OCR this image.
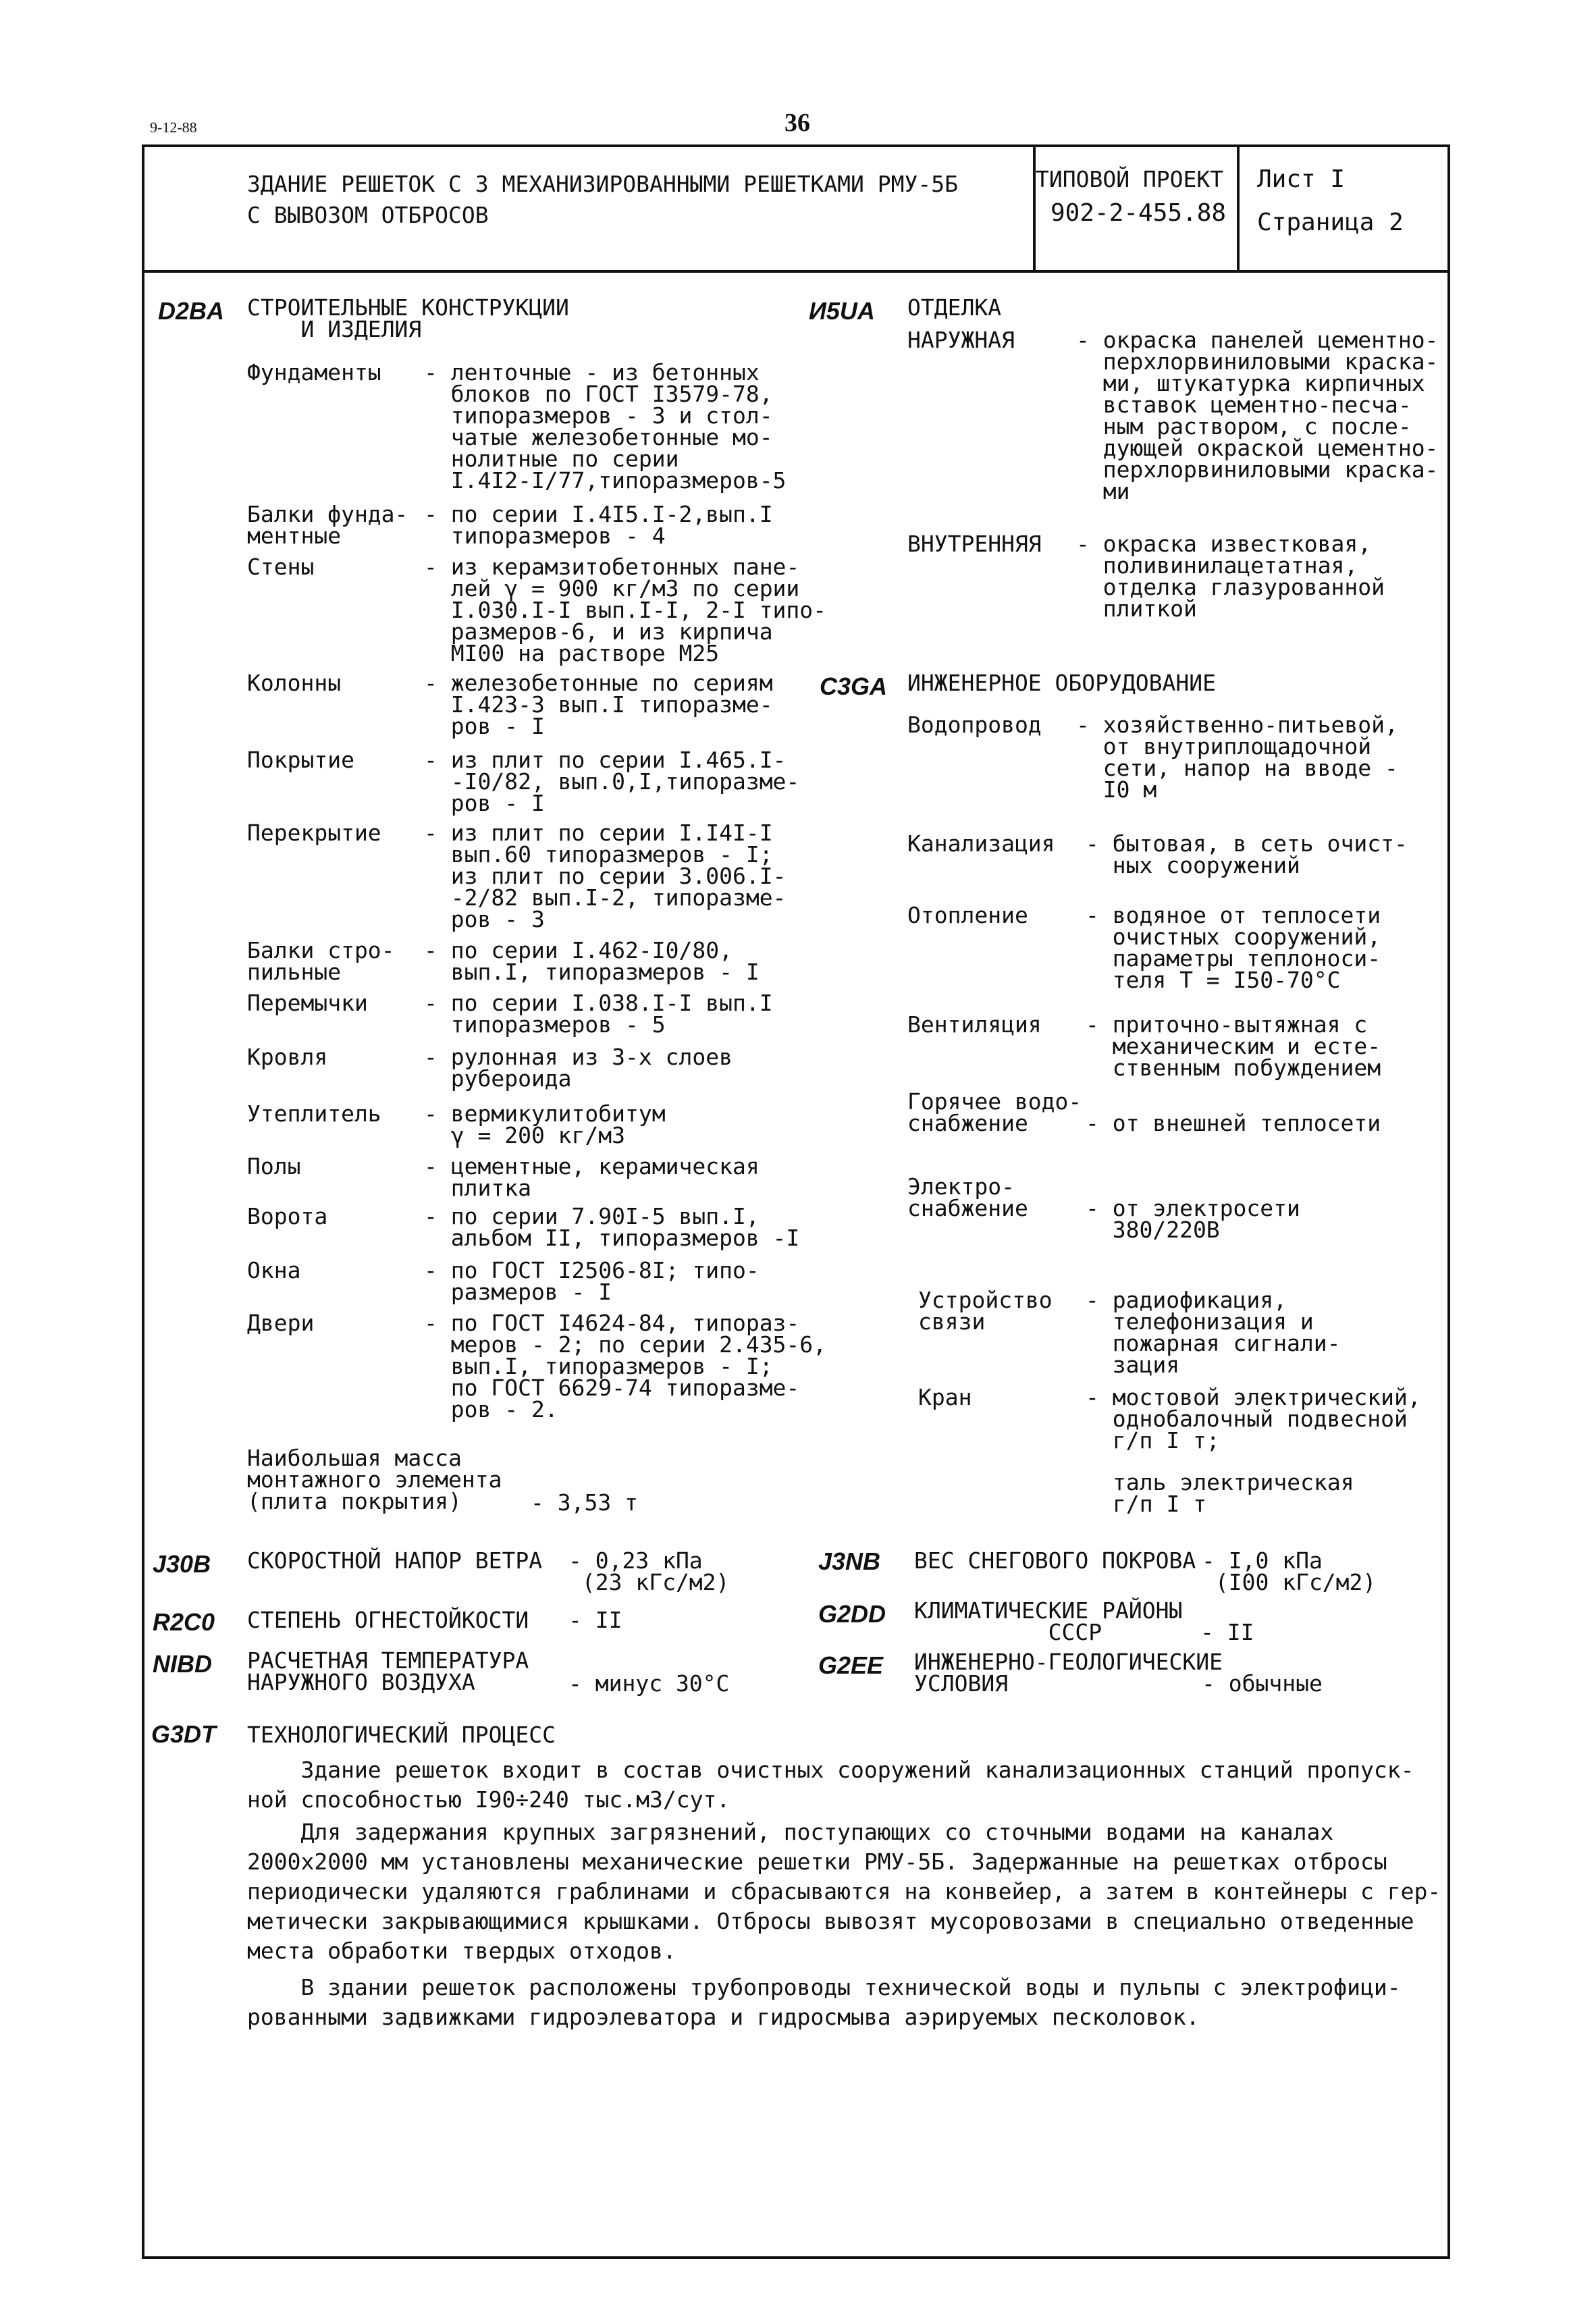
9-12-88	36
ЗДАНИЕ РЕШЕТОК С 3 МЕХАНИЗИРОВАННЫМИ РЕШЕТКАМИ РМУ-5Б
С ВЫВОЗОМ ОТБРОСОВ
ТИПОВОЙ ПРОЕКТ
902-2-455.88
Лист I
Страница 2
D2BA СТРОИТЕЛЬНЫЕ КОНСТРУКЦИИ
И ИЗДЕЛИЯ
Фундаменты - ленточные - из бетонных
блоков по ГОСТ I3579-78,
типоразмеров - 3 и стол-
чатые железобетонные мо-
нолитные по серии
I.4I2-I/77,типоразмеров-5
Балки фунда-
ментные
- по серии I.4I5.I-2,вып.I
типоразмеров - 4
Стены	- из керамзитобетонных пане-
лей γ = 900 кг/м3 по серии
I.030.I-I вып.I-I, 2-I типо-
размеров-6, и из кирпича
MI00 на растворе M25
Колонны	- железобетонные по сериям
I.423-3 вып.I типоразме-
ров - I
Покрытие	- из плит по серии I.465.I-
-I0/82, вып.0,I,типоразме-
ров - I
Перекрытие - из плит по серии I.I4I-I
вып.60 типоразмеров - I;
из плит по серии 3.006.I-
-2/82 вып.I-2, типоразме-
ров - 3
Балки стро-
пильные
- по серии I.462-I0/80,
вып.I, типоразмеров - I
Перемычки	- по серии I.038.I-I вып.I
типоразмеров - 5
Кровля	- рулонная из 3-х слоев
рубероида
Утеплитель - вермикулитобитум
γ = 200 кг/м3
Полы	- цементные, керамическая
плитка
Ворота	- по серии 7.90I-5 вып.I,
альбом II, типоразмеров -I
Окна	- по ГОСТ I2506-8I; типо-
размеров - I
Двери	- по ГОСТ I4624-84, типораз-
меров - 2; по серии 2.435-6,
вып.I, типоразмеров - I;
по ГОСТ 6629-74 типоразме-
ров - 2.
Наибольшая масса
монтажного элемента
(плита покрытия)	- 3,53 т
И5UA ОТДЕЛКА
НАРУЖНАЯ	- окраска панелей цементно-
перхлорвиниловыми краска-
ми, штукатурка кирпичных
вставок цементно-песча-
ным раствором, с после-
дующей окраской цементно-
перхлорвиниловыми краска-
ми
ВНУТРЕННЯЯ - окраска известковая,
поливинилацетатная,
отделка глазурованной
плиткой
C3GA ИНЖЕНЕРНОЕ ОБОРУДОВАНИЕ
Водопровод - хозяйственно-питьевой,
от внутриплощадочной
сети, напор на вводе -
I0 м
Канализация - бытовая, в сеть очист-
ных сооружений
Отопление	- водяное от теплосети
очистных сооружений,
параметры теплоноси-
теля Т = I50-70°С
Вентиляция - приточно-вытяжная с
механическим и есте-
ственным побуждением
Горячее водо-
снабжение	- от внешней теплосети
Электро-
снабжение	- от электросети
380/220В
Устройство
связи
- радиофикация,
телефонизация и
пожарная сигнали-
зация
Кран	- мостовой электрический,
однобалочный подвесной
г/п I т;
таль электрическая
г/п I т
J30B СКОРОСТНОЙ НАПОР ВЕТРА - 0,23 кПа
(23 кГс/м2)
R2C0 СТЕПЕНЬ ОГНЕСТОЙКОСТИ - II
NIBD РАСЧЕТНАЯ ТЕМПЕРАТУРА
НАРУЖНОГО ВОЗДУХА	- минус 30°С
J3NB ВЕС СНЕГОВОГО ПОКРОВА - I,0 кПа
(I00 кГс/м2)
G2DD КЛИМАТИЧЕСКИЕ РАЙОНЫ
СССР	- II
G2EE ИНЖЕНЕРНО-ГЕОЛОГИЧЕСКИЕ
УСЛОВИЯ	- обычные
G3DT ТЕХНОЛОГИЧЕСКИЙ ПРОЦЕСС
Здание решеток входит в состав очистных сооружений канализационных станций пропуск-
ной способностью I90÷240 тыс.м3/сут.
Для задержания крупных загрязнений, поступающих со сточными водами на каналах
2000х2000 мм установлены механические решетки РМУ-5Б. Задержанные на решетках отбросы
периодически удаляются граблинами и сбрасываются на конвейер, а затем в контейнеры с гер-
метически закрывающимися крышками. Отбросы вывозят мусоровозами в специально отведенные
места обработки твердых отходов.
В здании решеток расположены трубопроводы технической воды и пульпы с электрофици-
рованными задвижками гидроэлеватора и гидросмыва аэрируемых песколовок.
